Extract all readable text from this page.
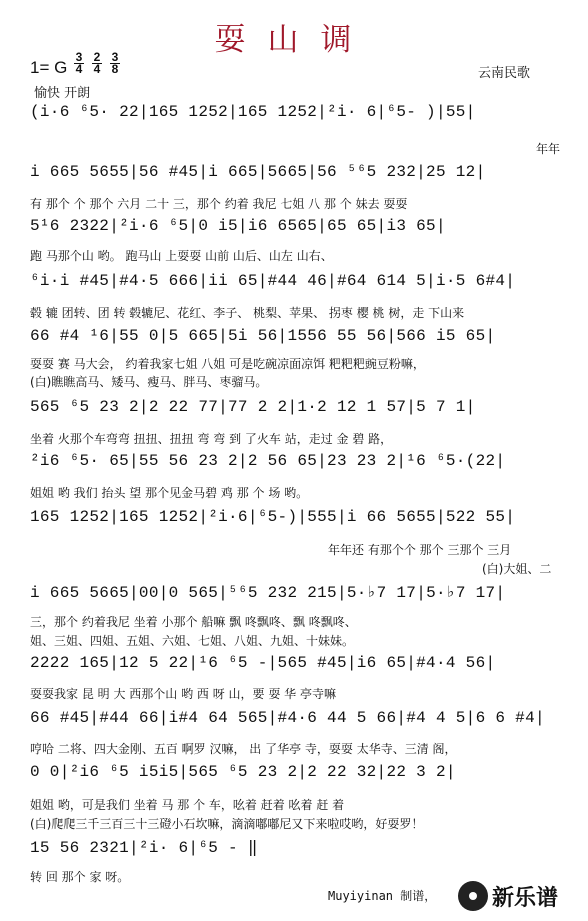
耍山调
1= G
3
4
2
4
3
8	云南民歌
愉快 开朗
(i·6 ⁶5· 22|165 1252|165 1252|²i· 6|⁶5- )|55|
年年
i 665 5655|56 #45|i 665|5665|56 ⁵⁶5 232|25 12|
有 那个 个 那个 六月 二十 三，那个 约着 我尼 七姐 八 那 个 妹去 耍耍
5¹6 2322|²i·6 ⁶5|0 i5|i6 6565|65 65|i3 65|
跑 马那个山 哟。 跑马山 上耍耍 山前 山后、山左 山右、
⁶i·i #45|#4·5 666|ii 65|#44 46|#64 614 5|i·5 6#4|
毂 辘 团转、团 转 毂辘尼、花红、李子、 桃梨、苹果、 拐枣 樱 桃 树，走 下山来
66 #4 ¹6|55 0|5 665|5i 56|1556 55 56|566 i5 65|
耍耍 赛 马大会， 约着我家七姐 八姐 可是吃碗凉面凉饵 粑粑粑豌豆粉嘛，
(白)瞧瞧高马、矮马、瘦马、胖马、枣骝马。
565 ⁶5 23 2|2 22 77|77 2 2|1·2 12 1 57|5 7 1|
坐着 火那个车弯弯 扭扭、扭扭 弯 弯 到 了火车 站，走过 金 碧 路，
²i6 ⁶5· 65|55 56 23 2|2 56 65|23 23 2|¹6 ⁶5·(22|
姐姐 哟 我们 抬头 望 那个见金马碧 鸡 那 个 场 哟。
165 1252|165 1252|²i·6|⁶5-)|555|i 66 5655|522 55|
年年还 有那个个 那个 三那个 三月
(白)大姐、二
i 665 5665|00|0 565|⁵⁶5 232 215|5·♭7 17|5·♭7 17|
三，那个 约着我尼 坐着 小那个 船嘛 飘 咚飘咚、飘 咚飘咚、
姐、三姐、四姐、五姐、六姐、七姐、八姐、九姐、十妹妹。
2222 165|12 5 22|¹6 ⁶5 -|565 #45|i6 65|#4·4 56|
耍耍我家 昆 明 大 西那个山 哟 西 呀 山，要 耍 华 亭寺嘛
66 #45|#44 66|i#4 64 565|#4·6 44 5 66|#4 4 5|6 6 #4|
哼哈 二将、四大金刚、五百 啊罗 汉嘛， 出 了华亭 寺，耍耍 太华寺、三清 阁，
0 0|²i6 ⁶5 i5i5|565 ⁶5 23 2|2 22 32|22 3 2|
姐姐 哟，可是我们 坐着 马 那 个 车，吆着 赶着 吆着 赶 着
(白)爬爬三千三百三十三磴小石坎嘛，滴滴嘟嘟尼又下来啦哎哟，好耍罗！
15 56 2321|²i· 6|⁶5 - ‖
转 回 那个 家 呀。
Muyiyinan 制谱，	新乐谱
